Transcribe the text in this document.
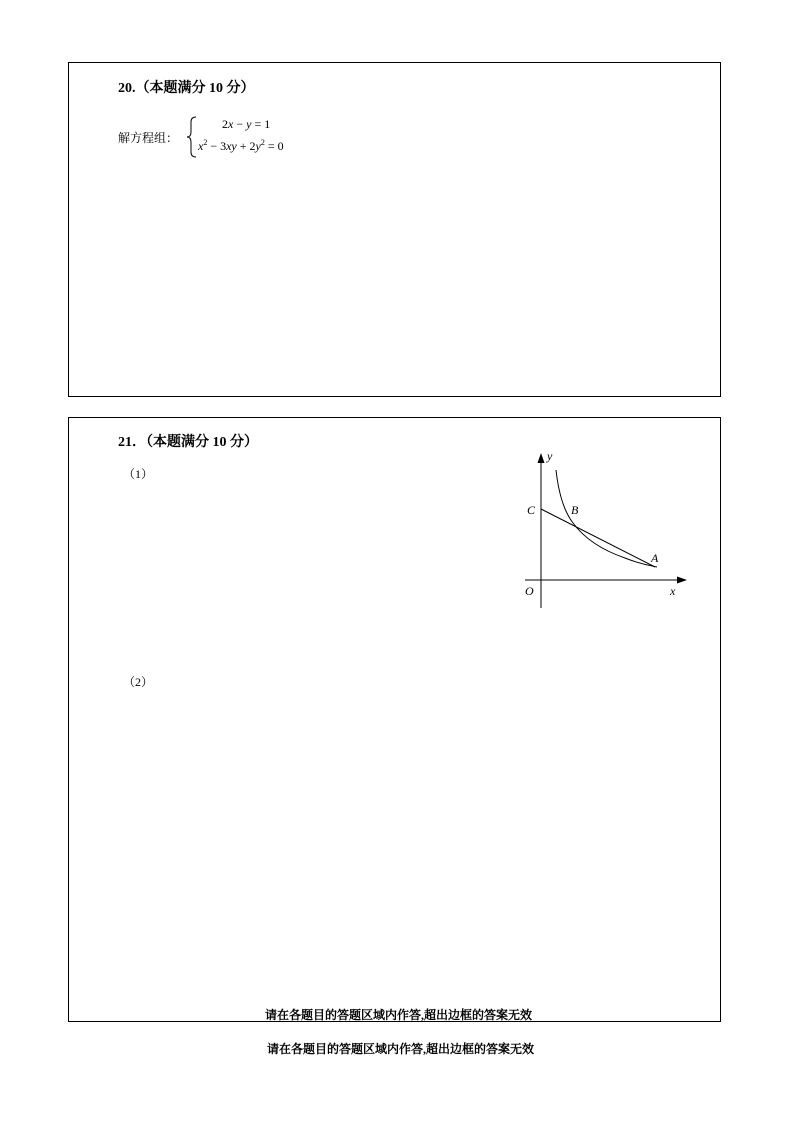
20.（本题满分 10 分）
解方程组：
2x − y = 1
$x^2 - 3xy + 2y^2 = 0$
21．（本题满分 10 分）
（1）
（2）
y
C	B
A
O	x
请在各题目的答题区域内作答,超出边框的答案无效
请在各题目的答题区域内作答,超出边框的答案无效
